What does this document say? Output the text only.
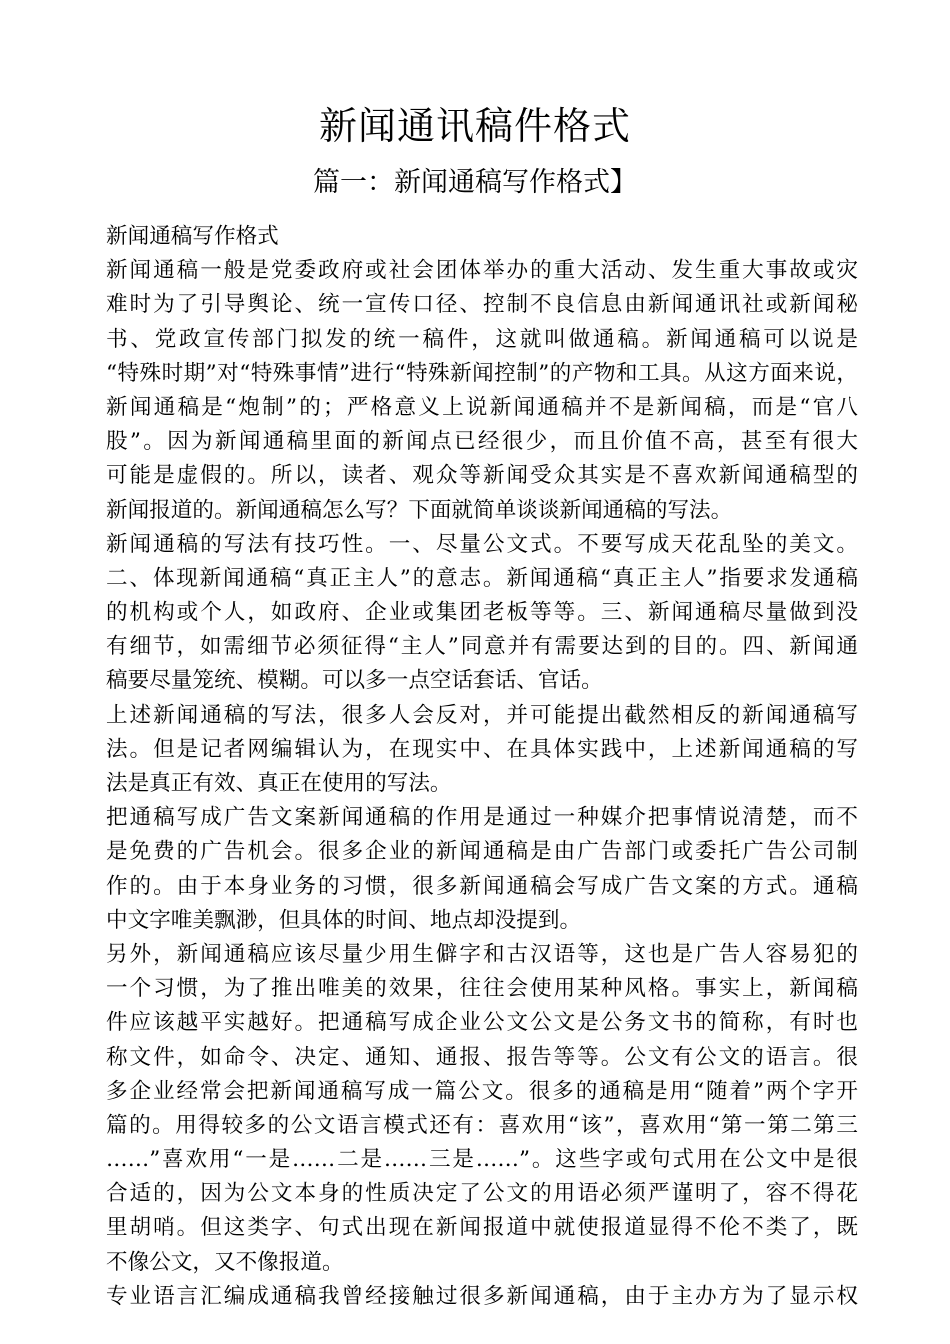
新闻通讯稿件格式
篇一：新闻通稿写作格式】
新闻通稿写作格式
新闻通稿一般是党委政府或社会团体举办的重大活动、发生重大事故或灾
难时为了引导舆论、统一宣传口径、控制不良信息由新闻通讯社或新闻秘
书、党政宣传部门拟发的统一稿件，这就叫做通稿。新闻通稿可以说是
“特殊时期”对“特殊事情”进行“特殊新闻控制”的产物和工具。从这方面来说，
新闻通稿是“炮制”的；严格意义上说新闻通稿并不是新闻稿，而是“官八
股”。因为新闻通稿里面的新闻点已经很少，而且价值不高，甚至有很大
可能是虚假的。所以，读者、观众等新闻受众其实是不喜欢新闻通稿型的
新闻报道的。新闻通稿怎么写？下面就简单谈谈新闻通稿的写法。
新闻通稿的写法有技巧性。一、尽量公文式。不要写成天花乱坠的美文。
二、体现新闻通稿“真正主人”的意志。新闻通稿“真正主人”指要求发通稿
的机构或个人，如政府、企业或集团老板等等。三、新闻通稿尽量做到没
有细节，如需细节必须征得“主人”同意并有需要达到的目的。四、新闻通
稿要尽量笼统、模糊。可以多一点空话套话、官话。
上述新闻通稿的写法，很多人会反对，并可能提出截然相反的新闻通稿写
法。但是记者网编辑认为，在现实中、在具体实践中，上述新闻通稿的写
法是真正有效、真正在使用的写法。
把通稿写成广告文案新闻通稿的作用是通过一种媒介把事情说清楚，而不
是免费的广告机会。很多企业的新闻通稿是由广告部门或委托广告公司制
作的。由于本身业务的习惯，很多新闻通稿会写成广告文案的方式。通稿
中文字唯美飘渺，但具体的时间、地点却没提到。
另外，新闻通稿应该尽量少用生僻字和古汉语等，这也是广告人容易犯的
一个习惯，为了推出唯美的效果，往往会使用某种风格。事实上，新闻稿
件应该越平实越好。把通稿写成企业公文公文是公务文书的简称，有时也
称文件，如命令、决定、通知、通报、报告等等。公文有公文的语言。很
多企业经常会把新闻通稿写成一篇公文。很多的通稿是用“随着”两个字开
篇的。用得较多的公文语言模式还有：喜欢用“该”，喜欢用“第一第二第三
……”喜欢用“一是……二是……三是……”。这些字或句式用在公文中是很
合适的，因为公文本身的性质决定了公文的用语必须严谨明了，容不得花
里胡哨。但这类字、句式出现在新闻报道中就使报道显得不伦不类了，既
不像公文，又不像报道。
专业语言汇编成通稿我曾经接触过很多新闻通稿，由于主办方为了显示权
